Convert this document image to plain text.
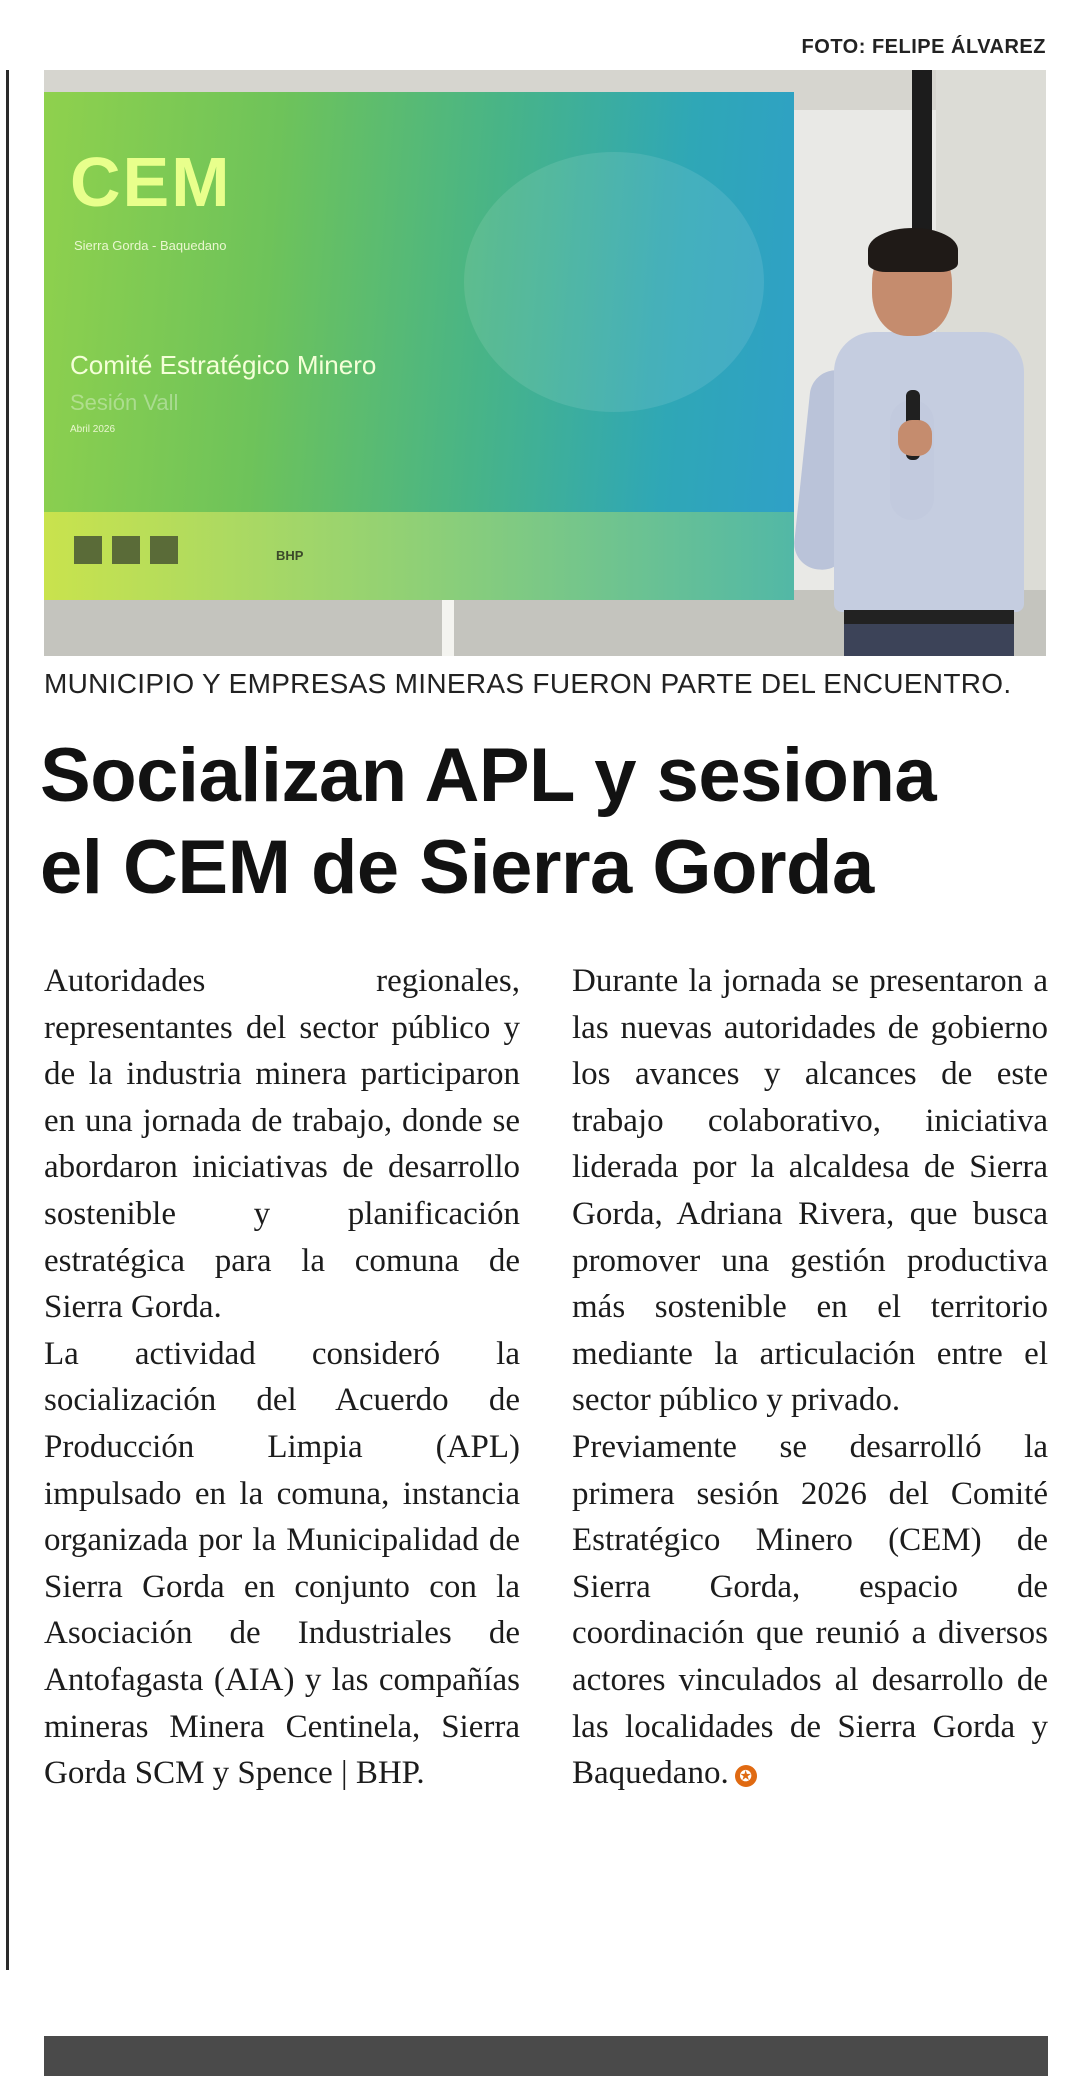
FOTO: FELIPE ÁLVAREZ
CEM
Sierra Gorda - Baquedano
Comité Estratégico Minero
Sesión Vall
Abril 2026
BHP
MUNICIPIO Y EMPRESAS MINERAS FUERON PARTE DEL ENCUENTRO.
Socializan APL y sesiona
el CEM de Sierra Gorda

Autoridades regionales, representantes del sector público y de la industria minera participaron en una jornada de trabajo, donde se abordaron iniciativas de desarrollo sostenible y planificación estratégica para la comuna de Sierra Gorda.

La actividad consideró la socialización del Acuerdo de Producción Limpia (APL) impulsado en la comuna, instancia organizada por la Municipalidad de Sierra Gorda en conjunto con la Asociación de Industriales de Antofagasta (AIA) y las compañías mineras Minera Centinela, Sierra Gorda SCM y Spence | BHP.

Durante la jornada se presentaron a las nuevas autoridades de gobierno los avances y alcances de este trabajo colaborativo, iniciativa liderada por la alcaldesa de Sierra Gorda, Adriana Rivera, que busca promover una gestión productiva más sostenible en el territorio mediante la articulación entre el sector público y privado.

Previamente se desarrolló la primera sesión 2026 del Comité Estratégico Minero (CEM) de Sierra Gorda, espacio de coordinación que reunió a diversos actores vinculados al desarrollo de las localidades de Sierra Gorda y Baquedano. ✪
